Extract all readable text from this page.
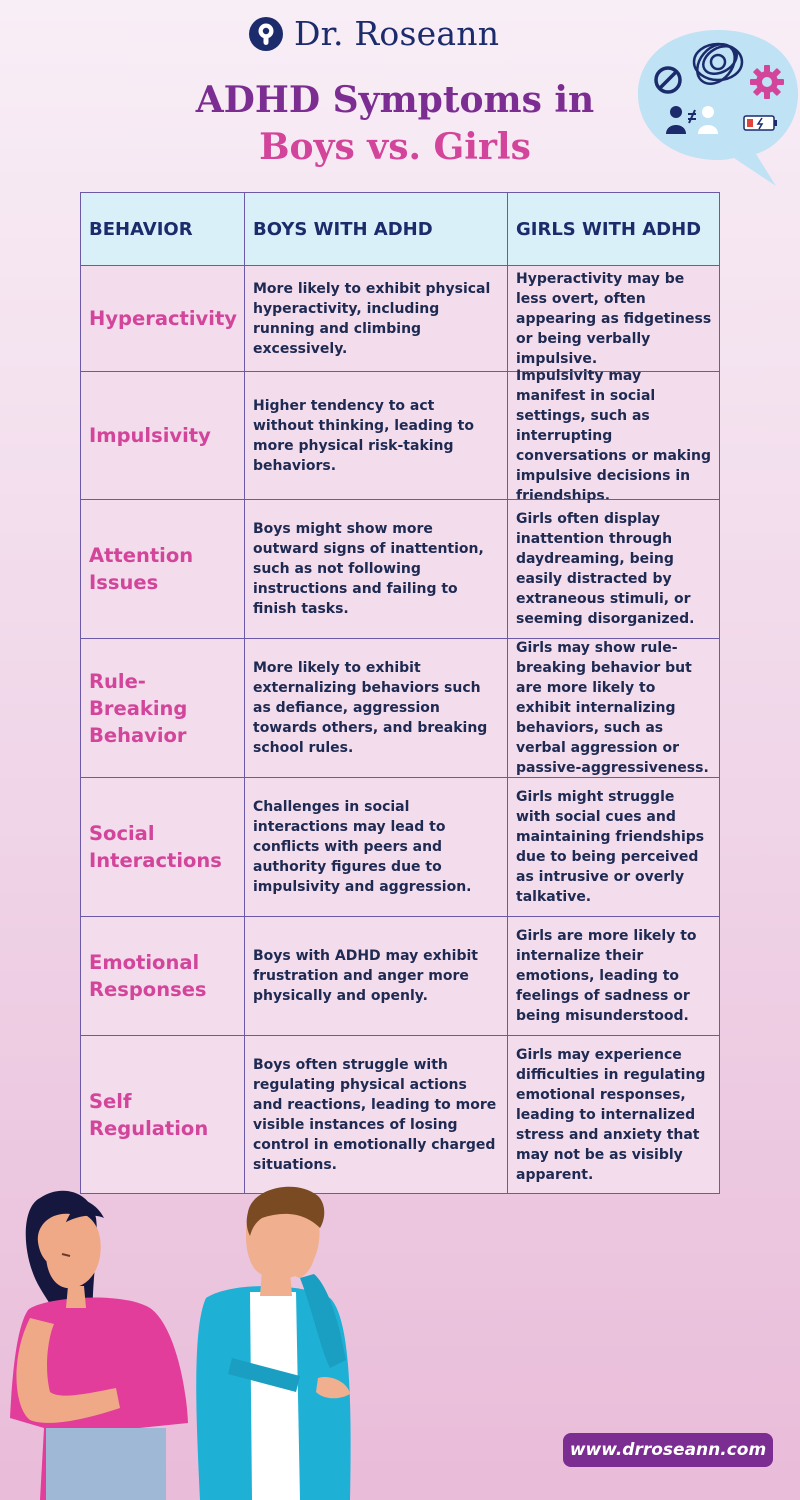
Dr. Roseann
ADHD Symptoms in
Boys vs. Girls
BEHAVIOR	BOYS WITH ADHD	GIRLS WITH ADHD
Hyperactivity
More likely to exhibit physical hyperactivity, including running and climbing excessively.
Hyperactivity may be less overt, often appearing as fidgetiness or being verbally impulsive.
Impulsivity
Higher tendency to act without thinking, leading to more physical risk-taking behaviors.
Impulsivity may manifest in social settings, such as interrupting conversations or making impulsive decisions in friendships.
Attention Issues
Boys might show more outward signs of inattention, such as not following instructions and failing to finish tasks.
Girls often display inattention through daydreaming, being easily distracted by extraneous stimuli, or seeming disorganized.
Rule-Breaking Behavior
More likely to exhibit externalizing behaviors such as defiance, aggression towards others, and breaking school rules.
Girls may show rule-breaking behavior but are more likely to exhibit internalizing behaviors, such as verbal aggression or passive-aggressiveness.
Social Interactions
Challenges in social interactions may lead to conflicts with peers and authority figures due to impulsivity and aggression.
Girls might struggle with social cues and maintaining friendships due to being perceived as intrusive or overly talkative.
Emotional Responses
Boys with ADHD may exhibit frustration and anger more physically and openly.
Girls are more likely to internalize their emotions, leading to feelings of sadness or being misunderstood.
Self Regulation
Boys often struggle with regulating physical actions and reactions, leading to more visible instances of losing control in emotionally charged situations.
Girls may experience difficulties in regulating emotional responses, leading to internalized stress and anxiety that may not be as visibly apparent.
www.drroseann.com
